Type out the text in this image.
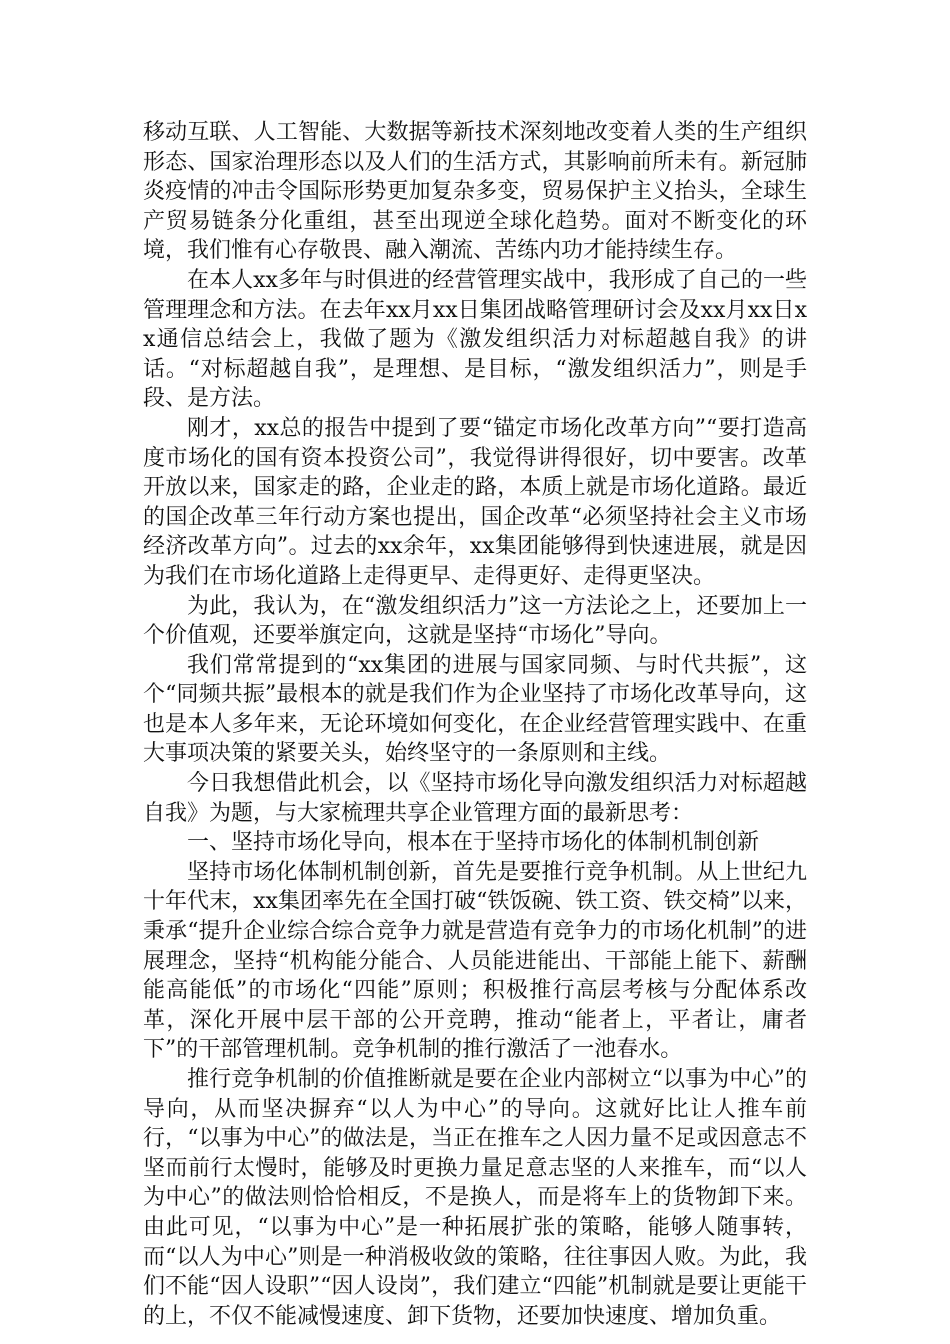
移动互联、人工智能、大数据等新技术深刻地改变着人类的生产组织形态、国家治理形态以及人们的生活方式，其影响前所未有。新冠肺炎疫情的冲击令国际形势更加复杂多变，贸易保护主义抬头，全球生产贸易链条分化重组，甚至出现逆全球化趋势。面对不断变化的环境，我们惟有心存敬畏、融入潮流、苦练内功才能持续生存。

在本人xx多年与时俱进的经营管理实战中，我形成了自己的一些管理理念和方法。在去年xx月xx日集团战略管理研讨会及xx月xx日xx通信总结会上，我做了题为《激发组织活力对标超越自我》的讲话。“对标超越自我”，是理想、是目标，“激发组织活力”，则是手段、是方法。

刚才，xx总的报告中提到了要“锚定市场化改革方向”“要打造高度市场化的国有资本投资公司”，我觉得讲得很好，切中要害。改革开放以来，国家走的路，企业走的路，本质上就是市场化道路。最近的国企改革三年行动方案也提出，国企改革“必须坚持社会主义市场经济改革方向”。过去的xx余年，xx集团能够得到快速进展，就是因为我们在市场化道路上走得更早、走得更好、走得更坚决。

为此，我认为，在“激发组织活力”这一方法论之上，还要加上一个价值观，还要举旗定向，这就是坚持“市场化”导向。

我们常常提到的“xx集团的进展与国家同频、与时代共振”，这个“同频共振”最根本的就是我们作为企业坚持了市场化改革导向，这也是本人多年来，无论环境如何变化，在企业经营管理实践中、在重大事项决策的紧要关头，始终坚守的一条原则和主线。

今日我想借此机会，以《坚持市场化导向激发组织活力对标超越自我》为题，与大家梳理共享企业管理方面的最新思考：

一、坚持市场化导向，根本在于坚持市场化的体制机制创新

坚持市场化体制机制创新，首先是要推行竞争机制。从上世纪九十年代末，xx集团率先在全国打破“铁饭碗、铁工资、铁交椅”以来，秉承“提升企业综合综合竞争力就是营造有竞争力的市场化机制”的进展理念，坚持“机构能分能合、人员能进能出、干部能上能下、薪酬能高能低”的市场化“四能”原则；积极推行高层考核与分配体系改革，深化开展中层干部的公开竞聘，推动“能者上，平者让，庸者下”的干部管理机制。竞争机制的推行激活了一池春水。

推行竞争机制的价值推断就是要在企业内部树立“以事为中心”的导向，从而坚决摒弃“以人为中心”的导向。这就好比让人推车前行，“以事为中心”的做法是，当正在推车之人因力量不足或因意志不坚而前行太慢时，能够及时更换力量足意志坚的人来推车，而“以人为中心”的做法则恰恰相反，不是换人，而是将车上的货物卸下来。由此可见，“以事为中心”是一种拓展扩张的策略，能够人随事转，而“以人为中心”则是一种消极收敛的策略，往往事因人败。为此，我们不能“因人设职”“因人设岗”，我们建立“四能”机制就是要让更能干的上，不仅不能减慢速度、卸下货物，还要加快速度、增加负重。
